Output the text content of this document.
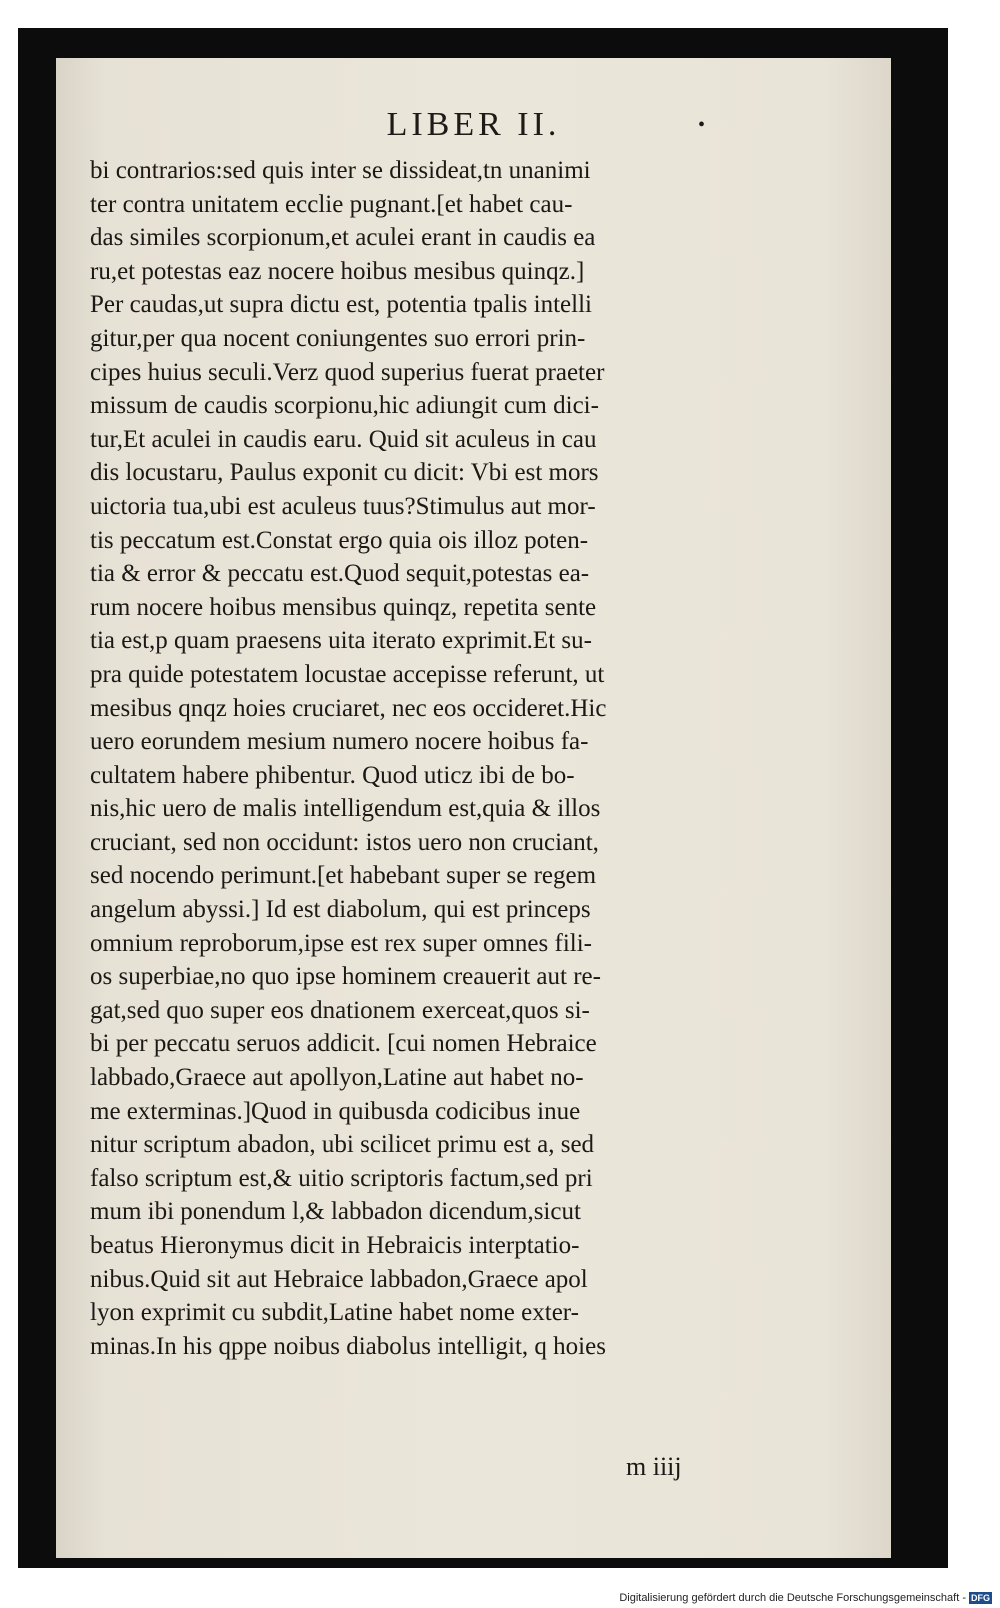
LIBER II.	•
bi contrarios:sed quis inter se dissideat,tn unanimi
ter contra unitatem ecclie pugnant.[et habet cau-
das similes scorpionum,et aculei erant in caudis ea
ru,et potestas eaz nocere hoibus mesibus quinqz.]
Per caudas,ut supra dictu est, potentia tpalis intelli
gitur,per qua nocent coniungentes suo errori prin-
cipes huius seculi.Verz quod superius fuerat praeter
missum de caudis scorpionu,hic adiungit cum dici-
tur,Et aculei in caudis earu. Quid sit aculeus in cau
dis locustaru, Paulus exponit cu dicit: Vbi est mors
uictoria tua,ubi est aculeus tuus?Stimulus aut mor-
tis peccatum est.Constat ergo quia ois illoz poten-
tia & error & peccatu est.Quod sequit,potestas ea-
rum nocere hoibus mensibus quinqz, repetita sente
tia est,p quam praesens uita iterato exprimit.Et su-
pra quide potestatem locustae accepisse referunt, ut
mesibus qnqz hoies cruciaret, nec eos occideret.Hic
uero eorundem mesium numero nocere hoibus fa-
cultatem habere phibentur. Quod uticz ibi de bo-
nis,hic uero de malis intelligendum est,quia & illos
cruciant, sed non occidunt: istos uero non cruciant,
sed nocendo perimunt.[et habebant super se regem
angelum abyssi.] Id est diabolum, qui est princeps
omnium reproborum,ipse est rex super omnes fili-
os superbiae,no quo ipse hominem creauerit aut re-
gat,sed quo super eos dnationem exerceat,quos si-
bi per peccatu seruos addicit. [cui nomen Hebraice
labbado,Graece aut apollyon,Latine aut habet no-
me exterminas.]Quod in quibusda codicibus inue
nitur scriptum abadon, ubi scilicet primu est a, sed
falso scriptum est,& uitio scriptoris factum,sed pri
mum ibi ponendum l,& labbadon dicendum,sicut
beatus Hieronymus dicit in Hebraicis interptatio-
nibus.Quid sit aut Hebraice labbadon,Graece apol
lyon exprimit cu subdit,Latine habet nome exter-
minas.In his qppe noibus diabolus intelligit, q hoies
m iiij
Digitalisierung gefördert durch die Deutsche Forschungsgemeinschaft - DFG
